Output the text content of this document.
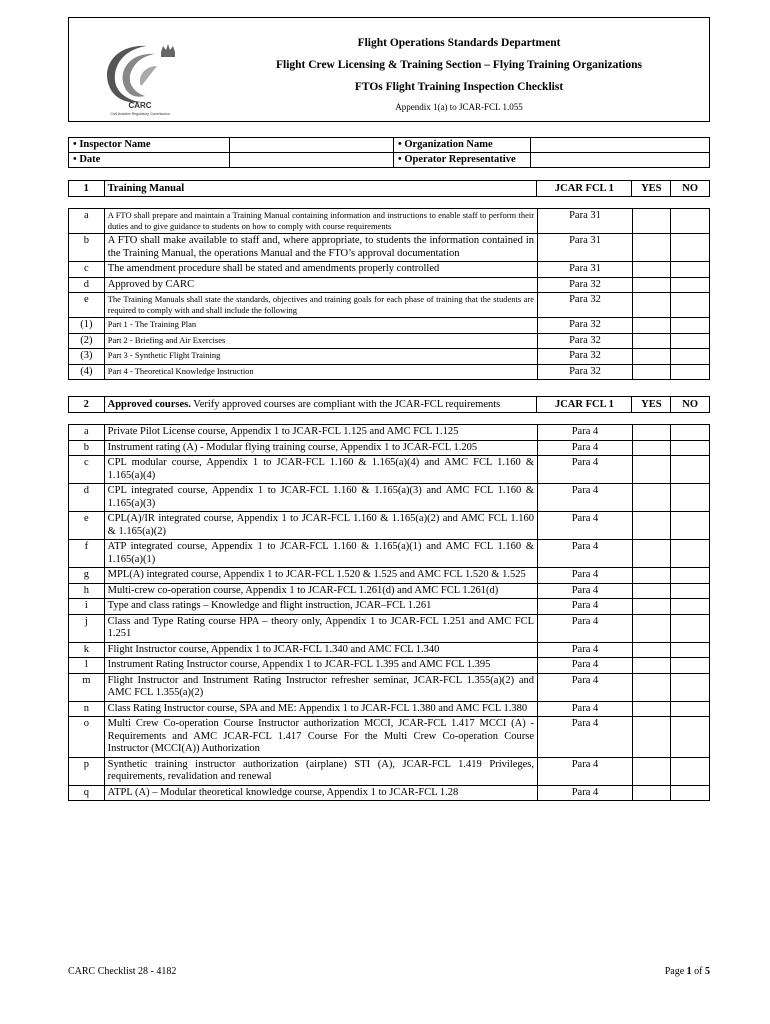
CARC
Civil Aviation Regulatory Commission
Flight Operations Standards Department
Flight Crew Licensing & Training Section – Flying Training Organizations
FTOs Flight Training Inspection Checklist
Appendix 1(a) to JCAR-FCL 1.055
• Inspector Name		• Organization Name	
• Date		• Operator Representative	
1	Training Manual	JCAR FCL 1	YES	NO
a	A FTO shall prepare and maintain a Training Manual containing information and instructions to enable staff to perform their duties and to give guidance to students on how to comply with course requirements	Para 31		
b	A FTO shall make available to staff and, where appropriate, to students the information contained in the Training Manual, the operations Manual and the FTO’s approval documentation	Para 31		
c	The amendment procedure shall be stated and amendments properly controlled	Para 31		
d	Approved by CARC	Para 32		
e	The Training Manuals shall state the standards, objectives and training goals for each phase of training that the students are required to comply with and shall include the following	Para 32		
(1)	Part 1 - The Training Plan	Para 32		
(2)	Part 2 - Briefing and Air Exercises	Para 32		
(3)	Part 3 - Synthetic Flight Training	Para 32		
(4)	Part 4 - Theoretical Knowledge Instruction	Para 32		
2	Approved courses. Verify approved courses are compliant with the JCAR-FCL requirements	JCAR FCL 1	YES	NO
a	Private Pilot License course, Appendix 1 to JCAR-FCL 1.125 and AMC FCL 1.125	Para 4		
b	Instrument rating (A) - Modular flying training course, Appendix 1 to JCAR-FCL 1.205	Para 4		
c	CPL modular course, Appendix 1 to JCAR-FCL 1.160 & 1.165(a)(4) and AMC FCL 1.160 & 1.165(a)(4)	Para 4		
d	CPL integrated course, Appendix 1 to JCAR-FCL 1.160 & 1.165(a)(3) and AMC FCL 1.160 & 1.165(a)(3)	Para 4		
e	CPL(A)/IR integrated course, Appendix 1 to JCAR-FCL 1.160 & 1.165(a)(2) and AMC FCL 1.160 & 1.165(a)(2)	Para 4		
f	ATP integrated course, Appendix 1 to JCAR-FCL 1.160 & 1.165(a)(1) and AMC FCL 1.160 & 1.165(a)(1)	Para 4		
g	MPL(A) integrated course, Appendix 1 to JCAR-FCL 1.520 & 1.525 and AMC FCL 1.520 & 1.525	Para 4		
h	Multi-crew co-operation course, Appendix 1 to JCAR-FCL 1.261(d) and AMC FCL 1.261(d)	Para 4		
i	Type and class ratings – Knowledge and flight instruction, JCAR–FCL 1.261	Para 4		
j	Class and Type Rating course HPA – theory only, Appendix 1 to JCAR-FCL 1.251 and AMC FCL 1.251	Para 4		
k	Flight Instructor course, Appendix 1 to JCAR-FCL 1.340 and AMC FCL 1.340	Para 4		
l	Instrument Rating Instructor course, Appendix 1 to JCAR-FCL 1.395 and AMC FCL 1.395	Para 4		
m	Flight Instructor and Instrument Rating Instructor refresher seminar, JCAR-FCL 1.355(a)(2) and AMC FCL 1.355(a)(2)	Para 4		
n	Class Rating Instructor course, SPA and ME: Appendix 1 to JCAR-FCL 1.380 and AMC FCL 1.380	Para 4		
o	Multi Crew Co-operation Course Instructor authorization MCCI, JCAR-FCL 1.417 MCCI (A) - Requirements and AMC JCAR-FCL 1.417 Course For the Multi Crew Co-operation Course Instructor (MCCI(A)) Authorization	Para 4		
p	Synthetic training instructor authorization (airplane) STI (A), JCAR-FCL 1.419 Privileges, requirements, revalidation and renewal	Para 4		
q	ATPL (A) – Modular theoretical knowledge course, Appendix 1 to JCAR-FCL 1.28	Para 4		
CARC Checklist 28 - 4182	Page 1 of 5
